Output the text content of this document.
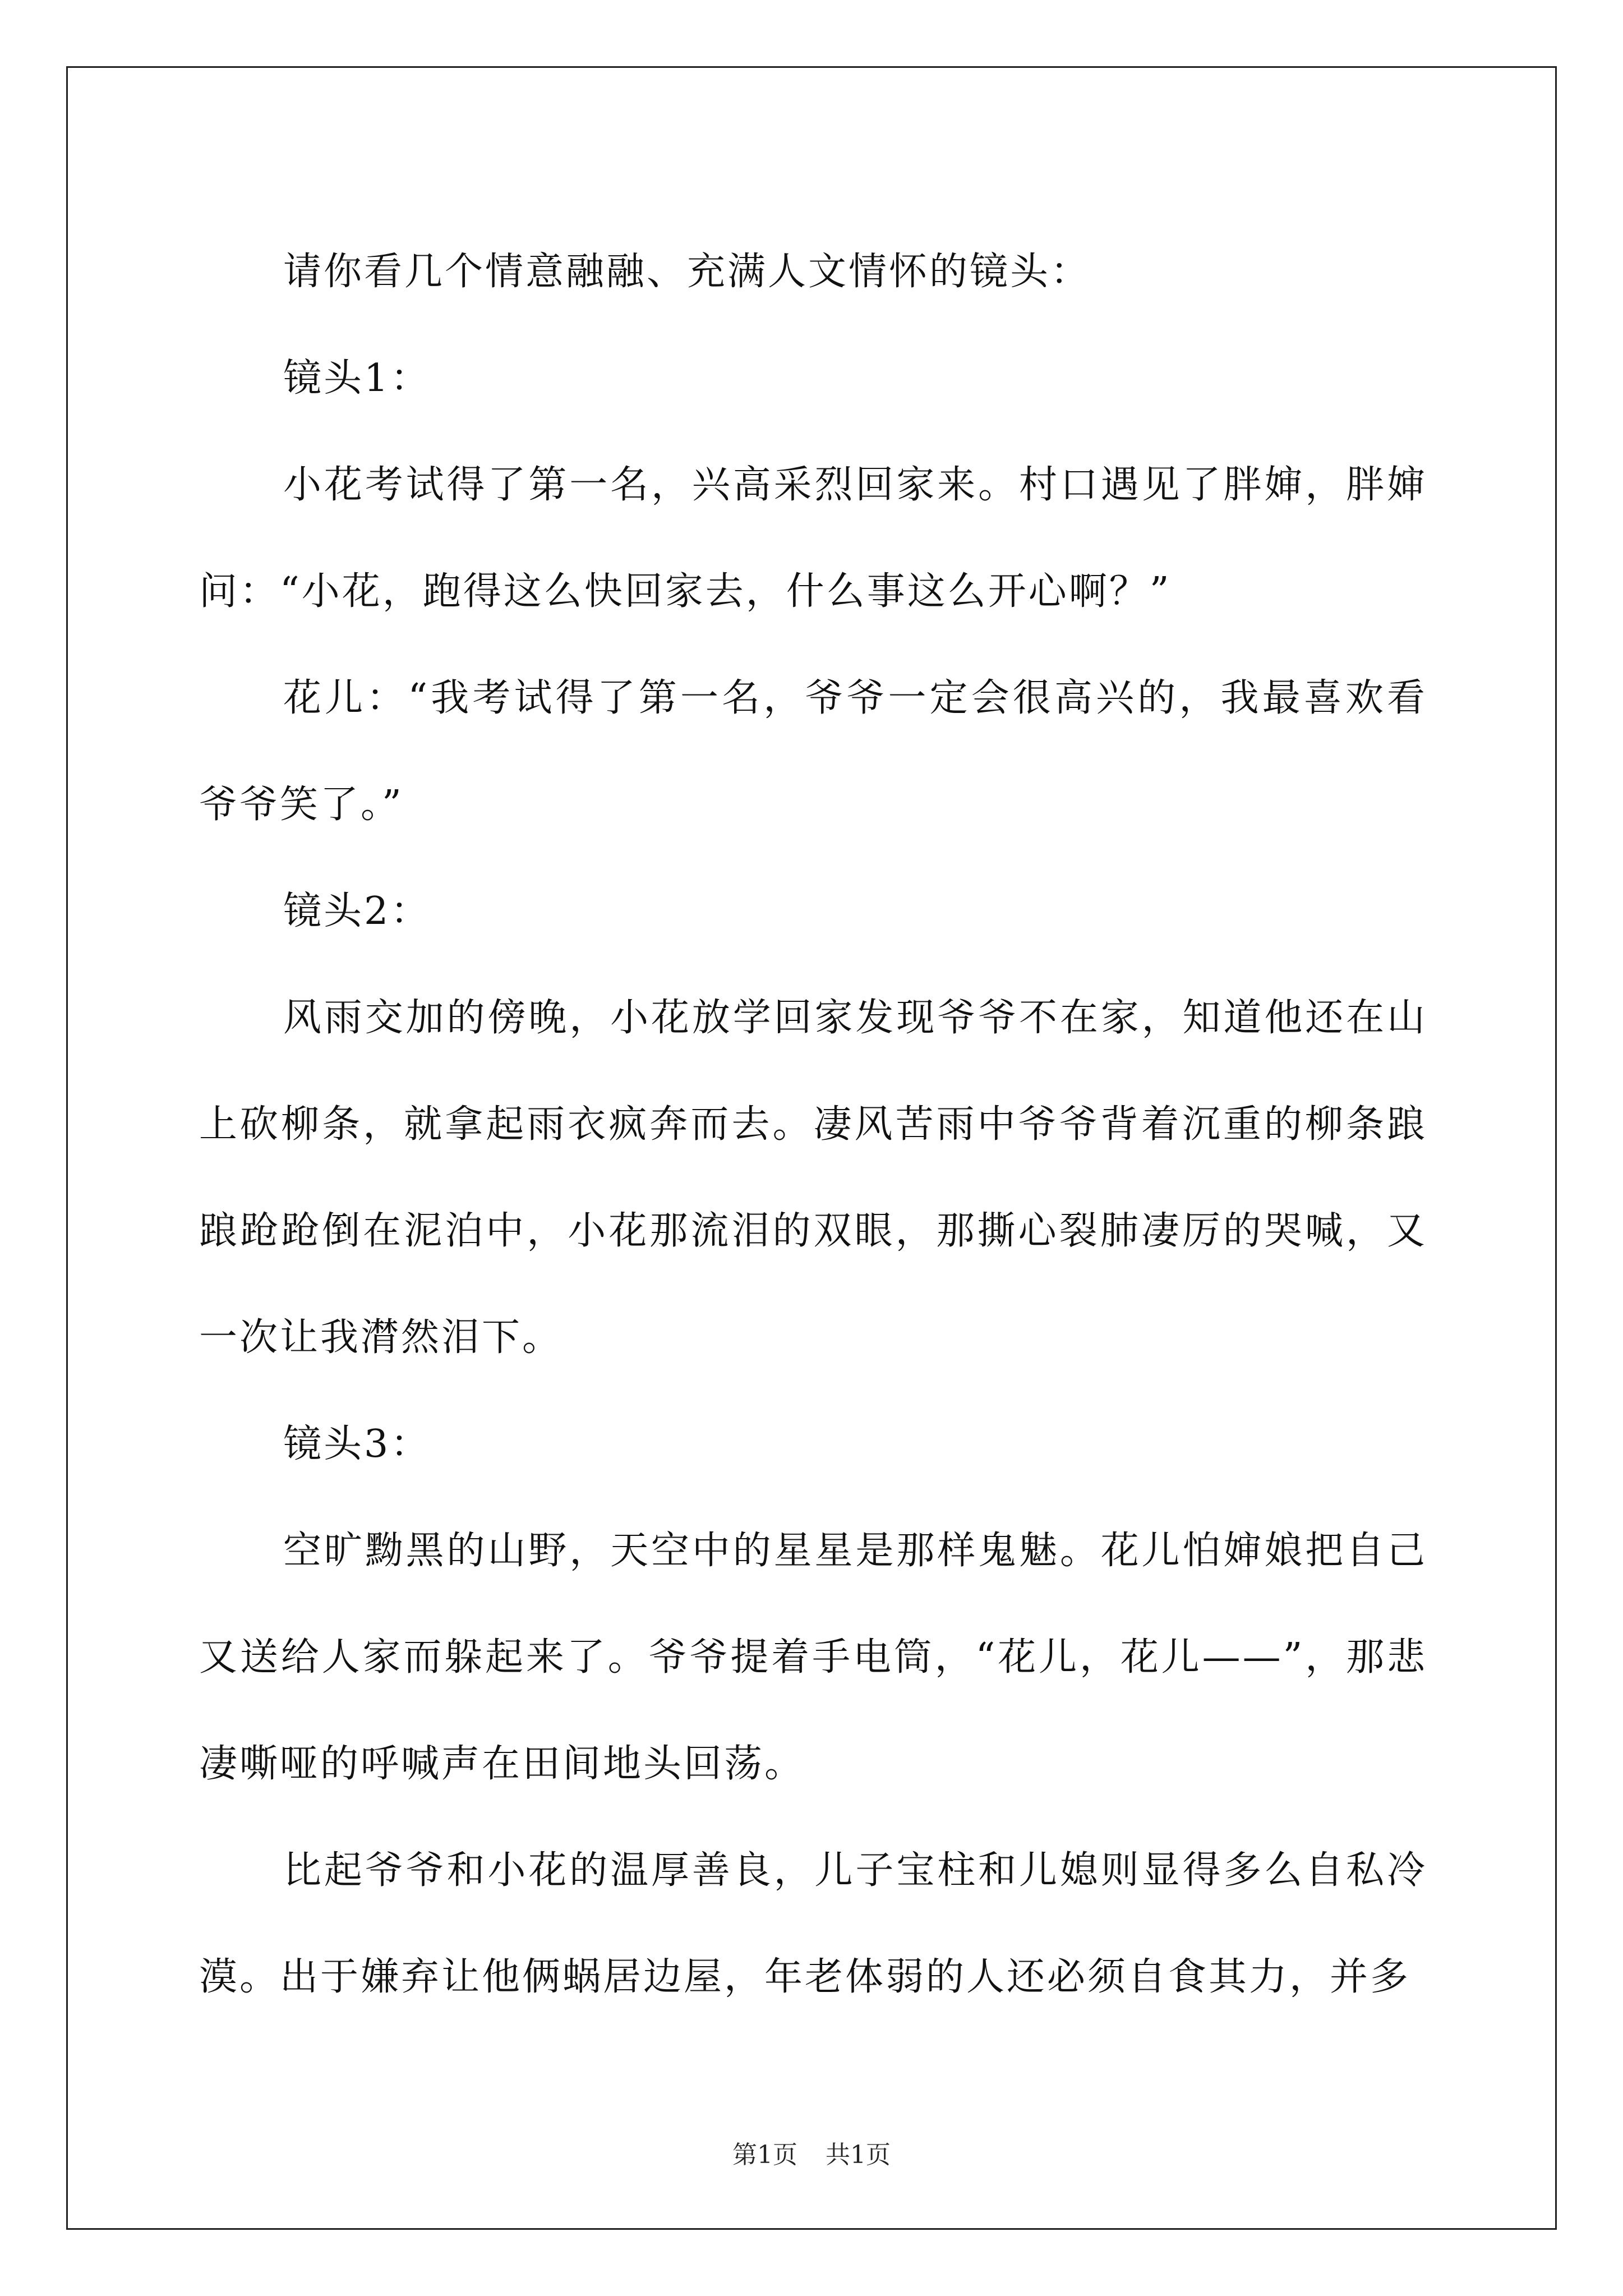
请你看几个情意融融、充满人文情怀的镜头：

镜头1：

小花考试得了第一名，兴高采烈回家来。村口遇见了胖婶，胖婶问：“小花，跑得这么快回家去，什么事这么开心啊？”

花儿：“我考试得了第一名，爷爷一定会很高兴的，我最喜欢看爷爷笑了。”

镜头2：

风雨交加的傍晚，小花放学回家发现爷爷不在家，知道他还在山上砍柳条，就拿起雨衣疯奔而去。凄风苦雨中爷爷背着沉重的柳条踉踉跄跄倒在泥泊中，小花那流泪的双眼，那撕心裂肺凄厉的哭喊，又一次让我潸然泪下。

镜头3：

空旷黝黑的山野，天空中的星星是那样鬼魅。花儿怕婶娘把自己又送给人家而躲起来了。爷爷提着手电筒，“花儿，花儿——”，那悲凄嘶哑的呼喊声在田间地头回荡。

比起爷爷和小花的温厚善良，儿子宝柱和儿媳则显得多么自私冷漠。出于嫌弃让他俩蜗居边屋，年老体弱的人还必须自食其力，并多

第1页 共1页
